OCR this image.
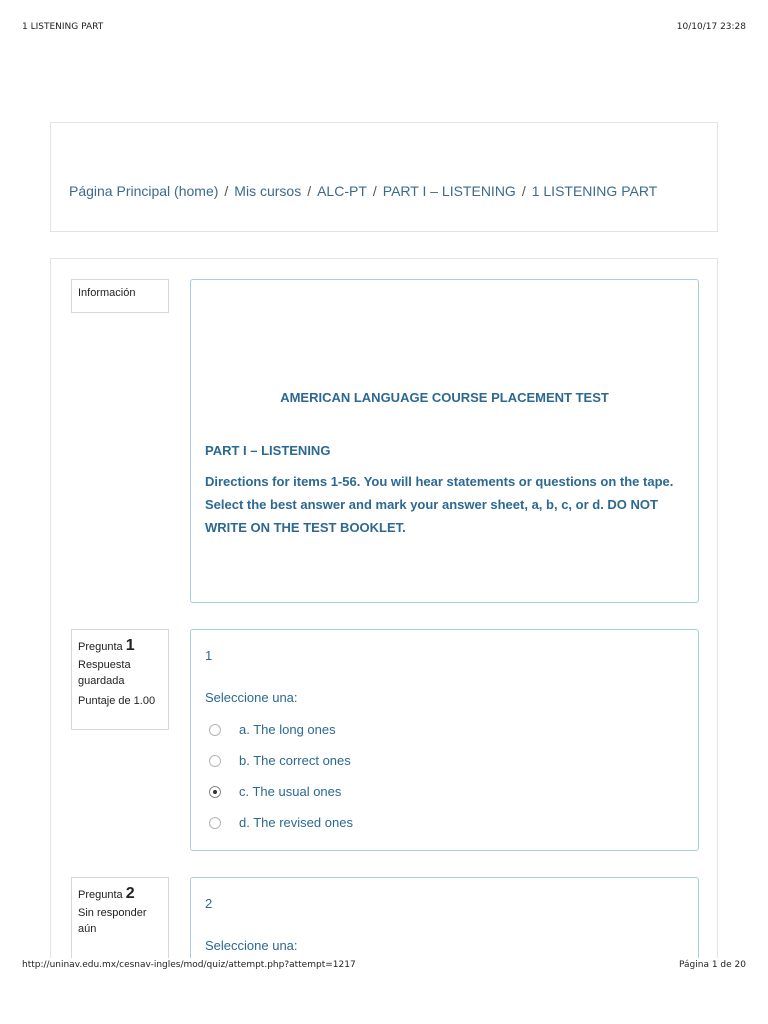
1 LISTENING PART	10/10/17 23:28
Página Principal (home) / Mis cursos / ALC-PT / PART I – LISTENING / 1 LISTENING PART
Información
AMERICAN LANGUAGE COURSE PLACEMENT TEST
PART I – LISTENING
Directions for items 1-56. You will hear statements or questions on the tape. Select the best answer and mark your answer sheet, a, b, c, or d. DO NOT WRITE ON THE TEST BOOKLET.
Pregunta 1
Respuesta guardada
Puntaje de 1.00
1
Seleccione una:
a. The long ones
b. The correct ones
c. The usual ones
d. The revised ones
Pregunta 2
Sin responder aún
2
Seleccione una:
http://uninav.edu.mx/cesnav-ingles/mod/quiz/attempt.php?attempt=1217	Página 1 de 20
